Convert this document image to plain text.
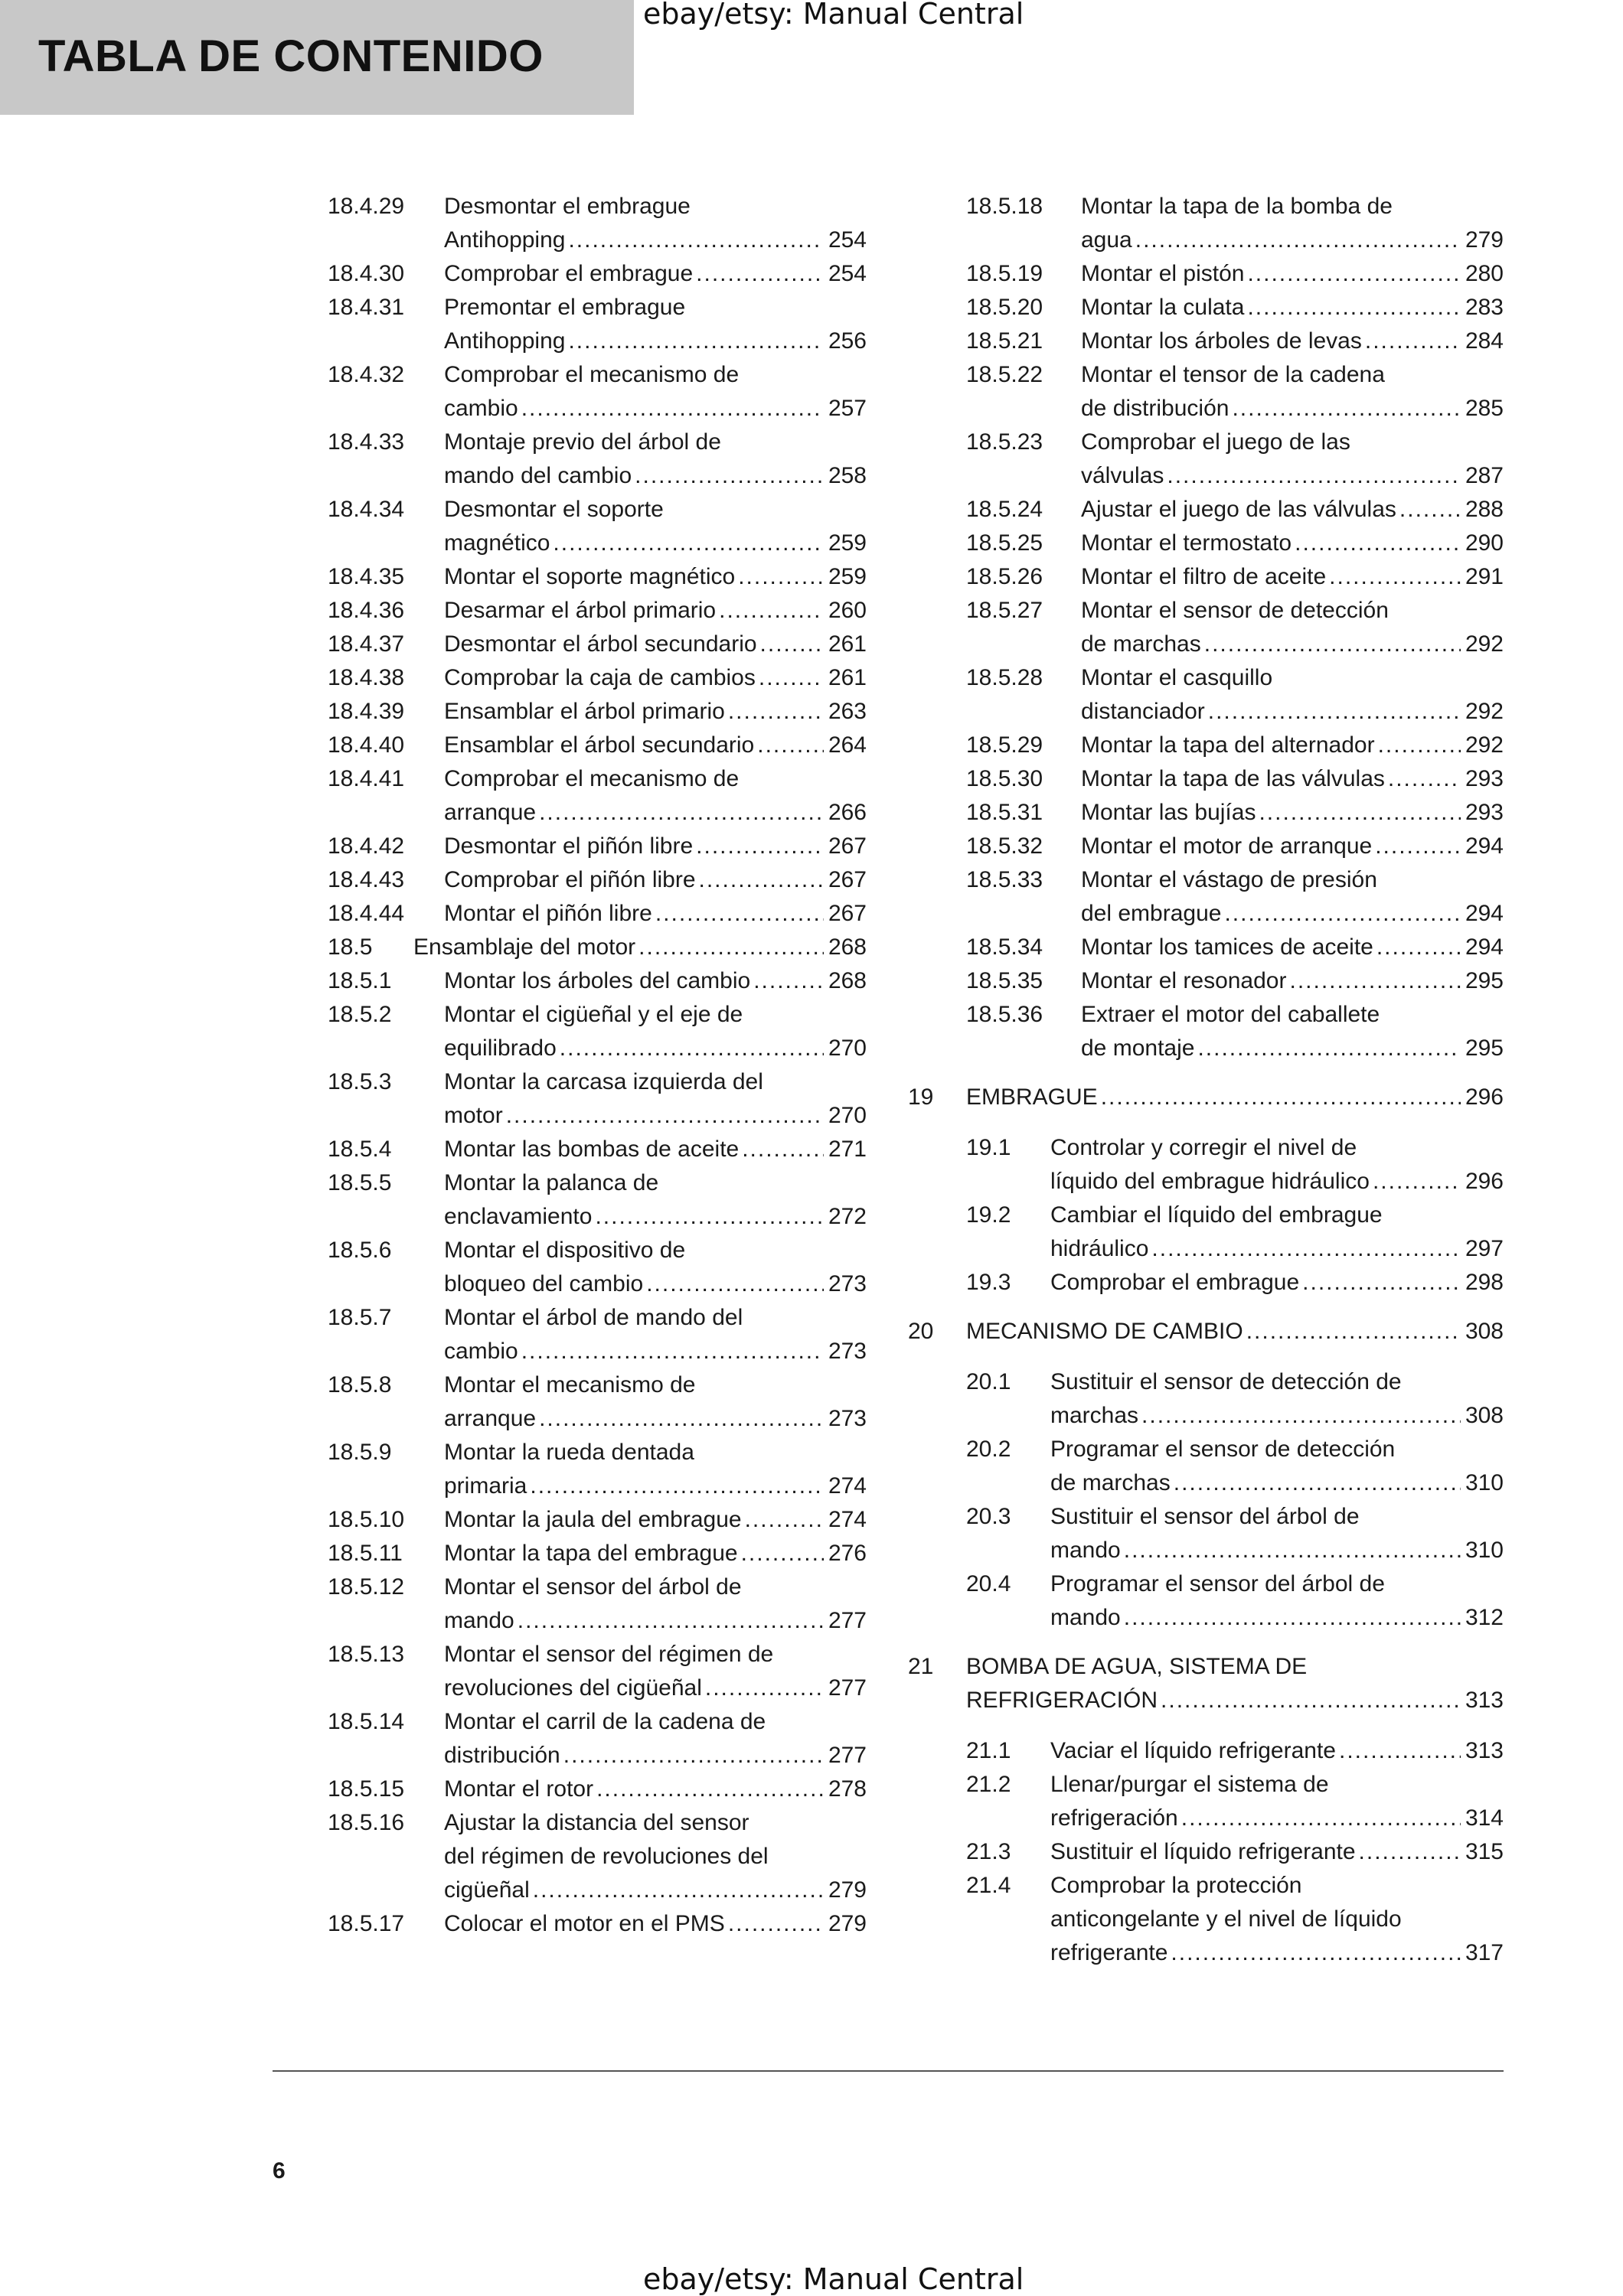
TABLA DE CONTENIDO
ebay/etsy: Manual Central
18.4.29 Desmontar el embrague
Antihopping .....	254
18.4.30 Comprobar el embrague .....	254
18.4.31 Premontar el embrague
Antihopping .....	256
18.4.32 Comprobar el mecanismo de
cambio .....	257
18.4.33 Montaje previo del árbol de
mando del cambio .....	258
18.4.34 Desmontar el soporte
magnético .....	259
18.4.35 Montar el soporte magnético .....	259
18.4.36 Desarmar el árbol primario .....	260
18.4.37 Desmontar el árbol secundario .....	261
18.4.38 Comprobar la caja de cambios .....	261
18.4.39 Ensamblar el árbol primario .....	263
18.4.40 Ensamblar el árbol secundario .....	264
18.4.41 Comprobar el mecanismo de
arranque .....	266
18.4.42 Desmontar el piñón libre .....	267
18.4.43 Comprobar el piñón libre .....	267
18.4.44 Montar el piñón libre .....	267
18.5 Ensamblaje del motor .....	268
18.5.1 Montar los árboles del cambio .....	268
18.5.2 Montar el cigüeñal y el eje de
equilibrado .....	270
18.5.3 Montar la carcasa izquierda del
motor .....	270
18.5.4 Montar las bombas de aceite .....	271
18.5.5 Montar la palanca de
enclavamiento .....	272
18.5.6 Montar el dispositivo de
bloqueo del cambio .....	273
18.5.7 Montar el árbol de mando del
cambio .....	273
18.5.8 Montar el mecanismo de
arranque .....	273
18.5.9 Montar la rueda dentada
primaria .....	274
18.5.10 Montar la jaula del embrague .....	274
18.5.11 Montar la tapa del embrague .....	276
18.5.12 Montar el sensor del árbol de
mando .....	277
18.5.13 Montar el sensor del régimen de
revoluciones del cigüeñal .....	277
18.5.14 Montar el carril de la cadena de
distribución .....	277
18.5.15 Montar el rotor .....	278
18.5.16 Ajustar la distancia del sensor
del régimen de revoluciones del
cigüeñal .....	279
18.5.17 Colocar el motor en el PMS .....	279
18.5.18 Montar la tapa de la bomba de
agua .....	279
18.5.19 Montar el pistón .....	280
18.5.20 Montar la culata .....	283
18.5.21 Montar los árboles de levas .....	284
18.5.22 Montar el tensor de la cadena
de distribución .....	285
18.5.23 Comprobar el juego de las
válvulas .....	287
18.5.24 Ajustar el juego de las válvulas .....	288
18.5.25 Montar el termostato .....	290
18.5.26 Montar el filtro de aceite .....	291
18.5.27 Montar el sensor de detección
de marchas .....	292
18.5.28 Montar el casquillo
distanciador .....	292
18.5.29 Montar la tapa del alternador .....	292
18.5.30 Montar la tapa de las válvulas .....	293
18.5.31 Montar las bujías .....	293
18.5.32 Montar el motor de arranque .....	294
18.5.33 Montar el vástago de presión
del embrague .....	294
18.5.34 Montar los tamices de aceite .....	294
18.5.35 Montar el resonador .....	295
18.5.36 Extraer el motor del caballete
de montaje .....	295
19 EMBRAGUE .....	296
19.1 Controlar y corregir el nivel de
líquido del embrague hidráulico .....	296
19.2 Cambiar el líquido del embrague
hidráulico .....	297
19.3 Comprobar el embrague .....	298
20 MECANISMO DE CAMBIO .....	308
20.1 Sustituir el sensor de detección de
marchas .....	308
20.2 Programar el sensor de detección
de marchas .....	310
20.3 Sustituir el sensor del árbol de
mando .....	310
20.4 Programar el sensor del árbol de
mando .....	312
21 BOMBA DE AGUA, SISTEMA DE
REFRIGERACIÓN .....	313
21.1 Vaciar el líquido refrigerante .....	313
21.2 Llenar/purgar el sistema de
refrigeración .....	314
21.3 Sustituir el líquido refrigerante .....	315
21.4 Comprobar la protección
anticongelante y el nivel de líquido
refrigerante .....	317
6
ebay/etsy: Manual Central
